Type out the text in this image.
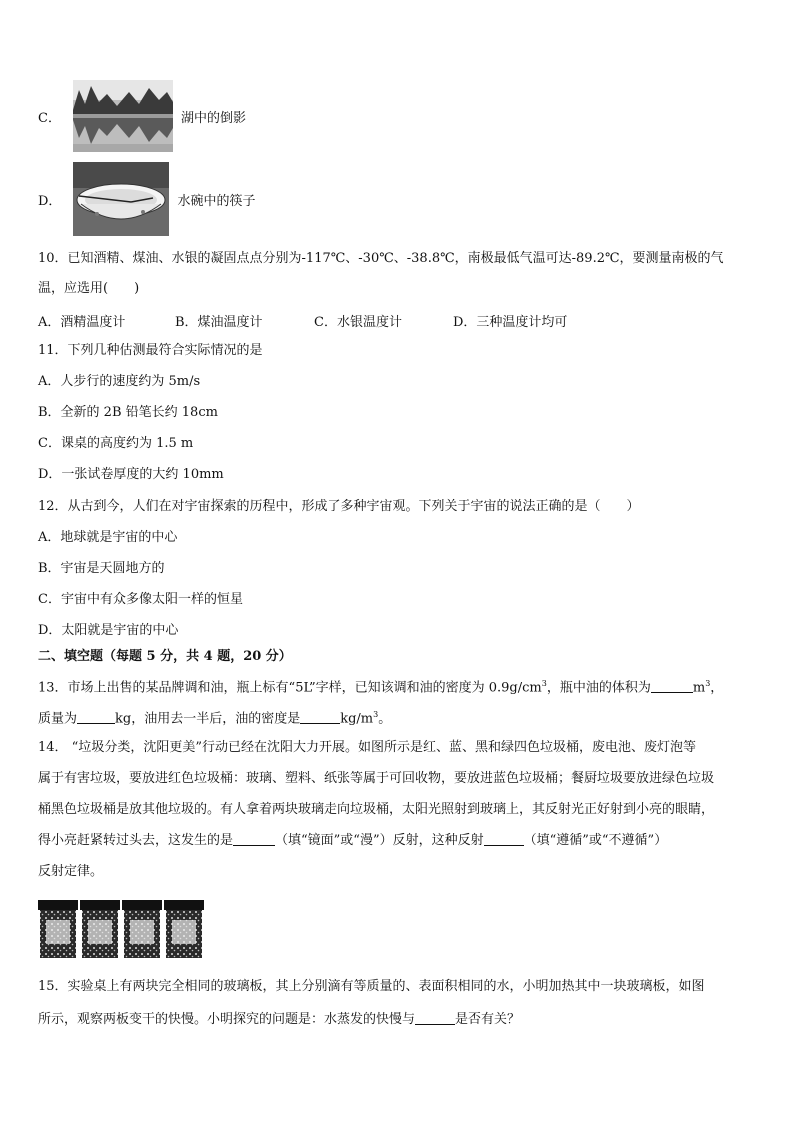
C．	湖中的倒影
D．	水碗中的筷子
10．已知酒精、煤油、水银的凝固点点分别为-117℃、-30℃、-38.8℃，南极最低气温可达-89.2℃，要测量南极的气
温，应选用(　　)
A．酒精温度计	B．煤油温度计	C．水银温度计	D．三种温度计均可
11．下列几种估测最符合实际情况的是
A．人步行的速度约为 5m/s
B．全新的 2B 铅笔长约 18cm
C．课桌的高度约为 1.5 m
D．一张试卷厚度的大约 10mm
12．从古到今，人们在对宇宙探索的历程中，形成了多种宇宙观。下列关于宇宙的说法正确的是（　　）
A．地球就是宇宙的中心
B．宇宙是天圆地方的
C．宇宙中有众多像太阳一样的恒星
D．太阳就是宇宙的中心
二、填空题（每题 5 分，共 4 题，20 分）
13．市场上出售的某品牌调和油，瓶上标有“5L”字样，已知该调和油的密度为 $0.9g/cm^3$，瓶中油的体积为	$m^3$，
质量为	kg，油用去一半后，油的密度是	$kg/m^3$。
14． “垃圾分类，沈阳更美”行动已经在沈阳大力开展。如图所示是红、蓝、黑和绿四色垃圾桶，废电池、废灯泡等
属于有害垃圾，要放进红色垃圾桶：玻璃、塑料、纸张等属于可回收物，要放进蓝色垃圾桶；餐厨垃圾要放进绿色垃圾
桶黑色垃圾桶是放其他垃圾的。有人拿着两块玻璃走向垃圾桶，太阳光照射到玻璃上，其反射光正好射到小亮的眼睛，
得小亮赶紧转过头去，这发生的是	（填“镜面”或“漫”）反射，这种反射	（填“遵循”或“不遵循”）
反射定律。
15．实验桌上有两块完全相同的玻璃板，其上分别滴有等质量的、表面积相同的水，小明加热其中一块玻璃板，如图
所示，观察两板变干的快慢。小明探究的问题是：水蒸发的快慢与	是否有关？
